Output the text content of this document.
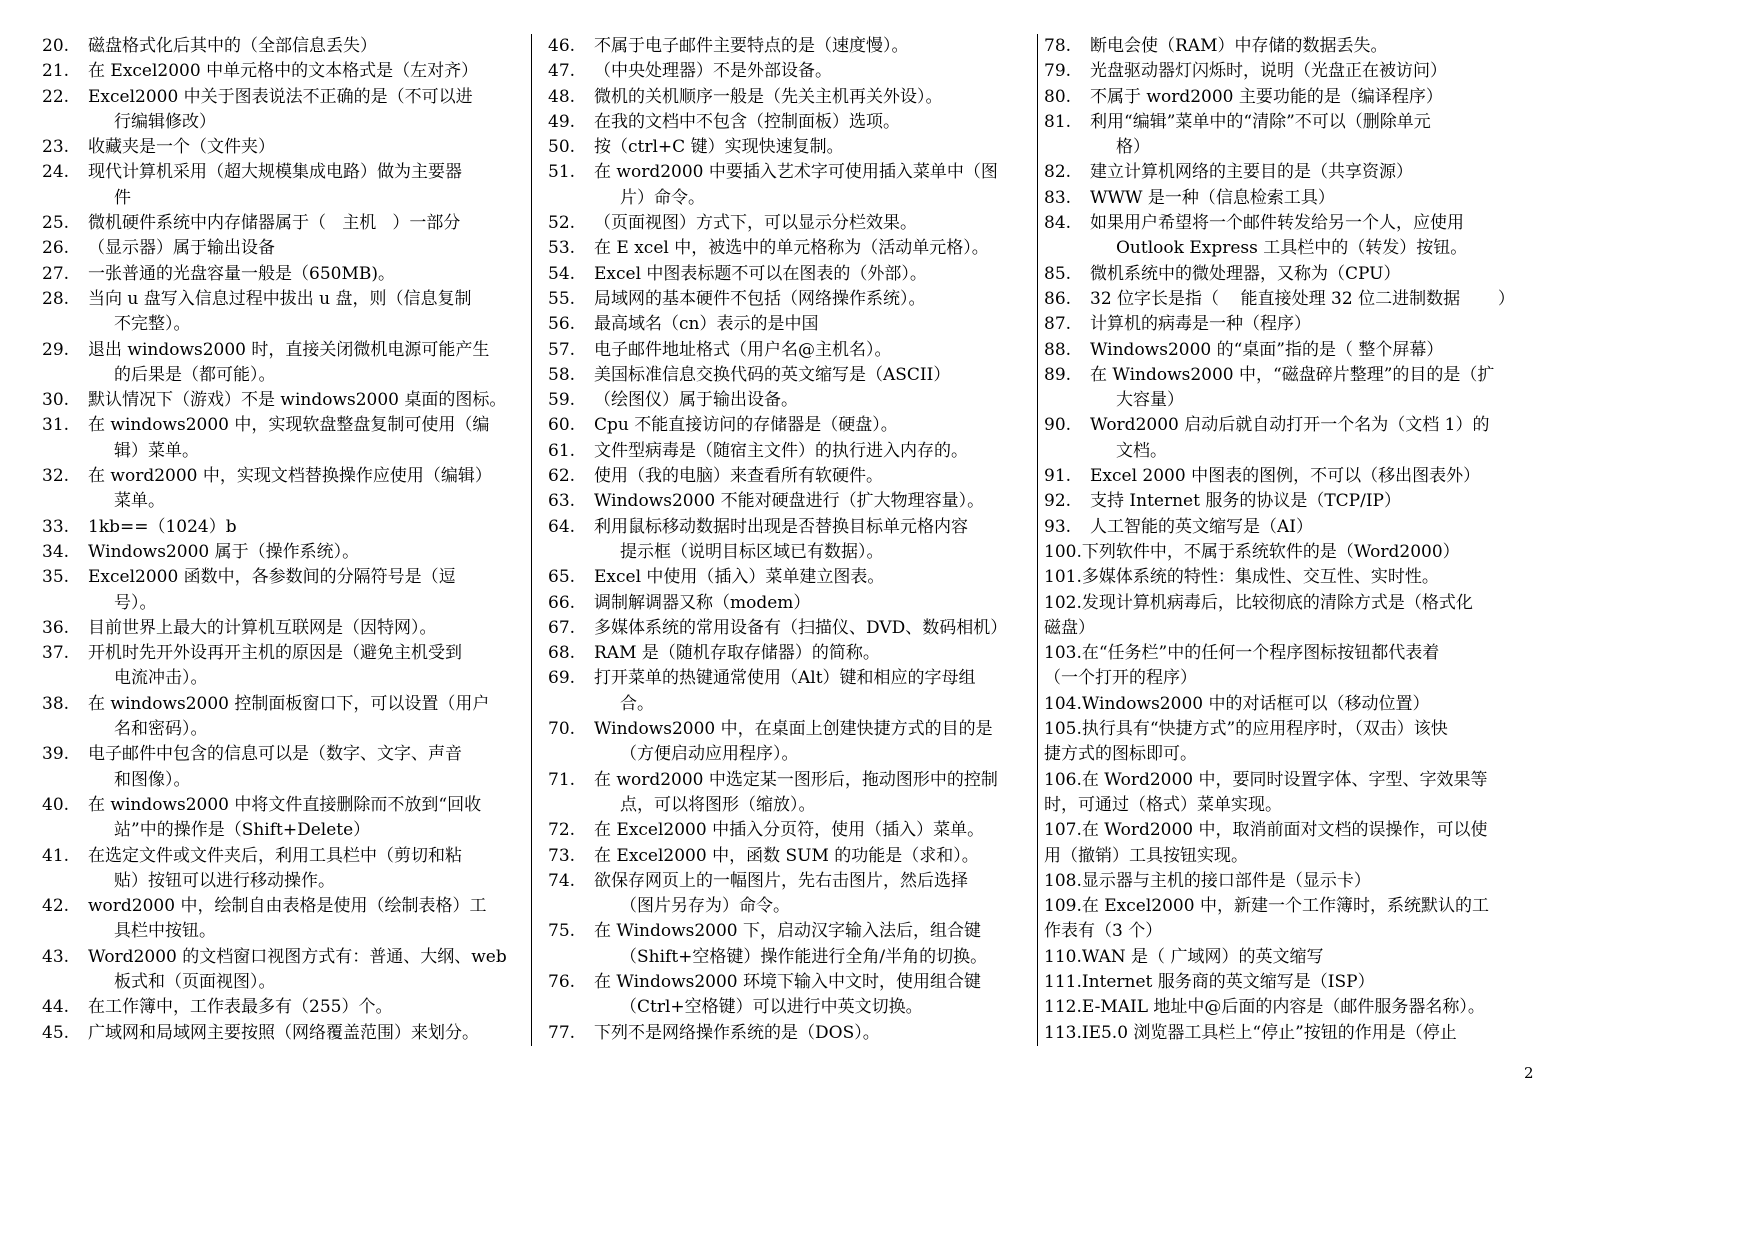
20. 磁盘格式化后其中的（全部信息丢失）
21. 在 Excel2000 中单元格中的文本格式是（左对齐）
22. Excel2000 中关于图表说法不正确的是（不可以进
行编辑修改）
23. 收藏夹是一个（文件夹）
24. 现代计算机采用（超大规模集成电路）做为主要器
件
25. 微机硬件系统中内存储器属于（   主机   ）一部分
26. （显示器）属于输出设备
27. 一张普通的光盘容量一般是（650MB)。
28. 当向 u 盘写入信息过程中拔出 u 盘，则（信息复制
不完整）。
29. 退出 windows2000 时，直接关闭微机电源可能产生
的后果是（都可能）。
30. 默认情况下（游戏）不是 windows2000 桌面的图标。
31. 在 windows2000 中，实现软盘整盘复制可使用（编
辑）菜单。
32. 在 word2000 中，实现文档替换操作应使用（编辑）
菜单。
33. 1kb==（1024）b
34. Windows2000 属于（操作系统）。
35. Excel2000 函数中，各参数间的分隔符号是（逗
号）。
36. 目前世界上最大的计算机互联网是（因特网）。
37. 开机时先开外设再开主机的原因是（避免主机受到
电流冲击）。
38. 在 windows2000 控制面板窗口下，可以设置（用户
名和密码）。
39. 电子邮件中包含的信息可以是（数字、文字、声音
和图像）。
40. 在 windows2000 中将文件直接删除而不放到“回收
站”中的操作是（Shift+Delete）
41. 在选定文件或文件夹后，利用工具栏中（剪切和粘
贴）按钮可以进行移动操作。
42. word2000 中，绘制自由表格是使用（绘制表格）工
具栏中按钮。
43. Word2000 的文档窗口视图方式有：普通、大纲、web
板式和（页面视图）。
44. 在工作簿中，工作表最多有（255）个。
45. 广域网和局域网主要按照（网络覆盖范围）来划分。
46. 不属于电子邮件主要特点的是（速度慢）。
47. （中央处理器）不是外部设备。
48. 微机的关机顺序一般是（先关主机再关外设）。
49. 在我的文档中不包含（控制面板）选项。
50. 按（ctrl+C 键）实现快速复制。
51. 在 word2000 中要插入艺术字可使用插入菜单中（图
片）命令。
52. （页面视图）方式下，可以显示分栏效果。
53. 在 E xcel 中，被选中的单元格称为（活动单元格）。
54. Excel 中图表标题不可以在图表的（外部）。
55. 局域网的基本硬件不包括（网络操作系统）。
56. 最高域名（cn）表示的是中国
57. 电子邮件地址格式（用户名@主机名）。
58. 美国标准信息交换代码的英文缩写是（ASCII）
59. （绘图仪）属于输出设备。
60. Cpu 不能直接访问的存储器是（硬盘）。
61. 文件型病毒是（随宿主文件）的执行进入内存的。
62. 使用（我的电脑）来查看所有软硬件。
63. Windows2000 不能对硬盘进行（扩大物理容量）。
64. 利用鼠标移动数据时出现是否替换目标单元格内容
提示框（说明目标区域已有数据）。
65. Excel 中使用（插入）菜单建立图表。
66. 调制解调器又称（modem）
67. 多媒体系统的常用设备有（扫描仪、DVD、数码相机）
68. RAM 是（随机存取存储器）的简称。
69. 打开菜单的热键通常使用（Alt）键和相应的字母组
合。
70. Windows2000 中，在桌面上创建快捷方式的目的是
（方便启动应用程序）。
71. 在 word2000 中选定某一图形后，拖动图形中的控制
点，可以将图形（缩放）。
72. 在 Excel2000 中插入分页符，使用（插入）菜单。
73. 在 Excel2000 中，函数 SUM 的功能是（求和）。
74. 欲保存网页上的一幅图片，先右击图片，然后选择
（图片另存为）命令。
75. 在 Windows2000 下，启动汉字输入法后，组合键
（Shift+空格键）操作能进行全角/半角的切换。
76. 在 Windows2000 环境下输入中文时，使用组合键
（Ctrl+空格键）可以进行中英文切换。
77. 下列不是网络操作系统的是（DOS）。
78. 断电会使（RAM）中存储的数据丢失。
79. 光盘驱动器灯闪烁时，说明（光盘正在被访问）
80. 不属于 word2000 主要功能的是（编译程序）
81. 利用“编辑”菜单中的“清除”不可以（删除单元
格）
82. 建立计算机网络的主要目的是（共享资源）
83. WWW 是一种（信息检索工具）
84. 如果用户希望将一个邮件转发给另一个人，应使用
Outlook Express 工具栏中的（转发）按钮。
85. 微机系统中的微处理器，又称为（CPU）
86. 32 位字长是指（    能直接处理 32 位二进制数据       ）
87. 计算机的病毒是一种（程序）
88. Windows2000 的“桌面”指的是（ 整个屏幕）
89. 在 Windows2000 中，“磁盘碎片整理”的目的是（扩
大容量）
90. Word2000 启动后就自动打开一个名为（文档 1）的
文档。
91. Excel 2000 中图表的图例，不可以（移出图表外）
92. 支持 Internet 服务的协议是（TCP/IP）
93. 人工智能的英文缩写是（AI）
100.下列软件中，不属于系统软件的是（Word2000）
101.多媒体系统的特性：集成性、交互性、实时性。
102.发现计算机病毒后，比较彻底的清除方式是（格式化
磁盘）
103.在“任务栏”中的任何一个程序图标按钮都代表着
（一个打开的程序）
104.Windows2000 中的对话框可以（移动位置）
105.执行具有“快捷方式”的应用程序时，（双击）该快
捷方式的图标即可。
106.在 Word2000 中，要同时设置字体、字型、字效果等
时，可通过（格式）菜单实现。
107.在 Word2000 中，取消前面对文档的误操作，可以使
用（撤销）工具按钮实现。
108.显示器与主机的接口部件是（显示卡）
109.在 Excel2000 中，新建一个工作簿时，系统默认的工
作表有（3 个）
110.WAN 是（ 广域网）的英文缩写
111.Internet 服务商的英文缩写是（ISP）
112.E-MAIL 地址中@后面的内容是（邮件服务器名称）。
113.IE5.0 浏览器工具栏上“停止”按钮的作用是（停止
2
